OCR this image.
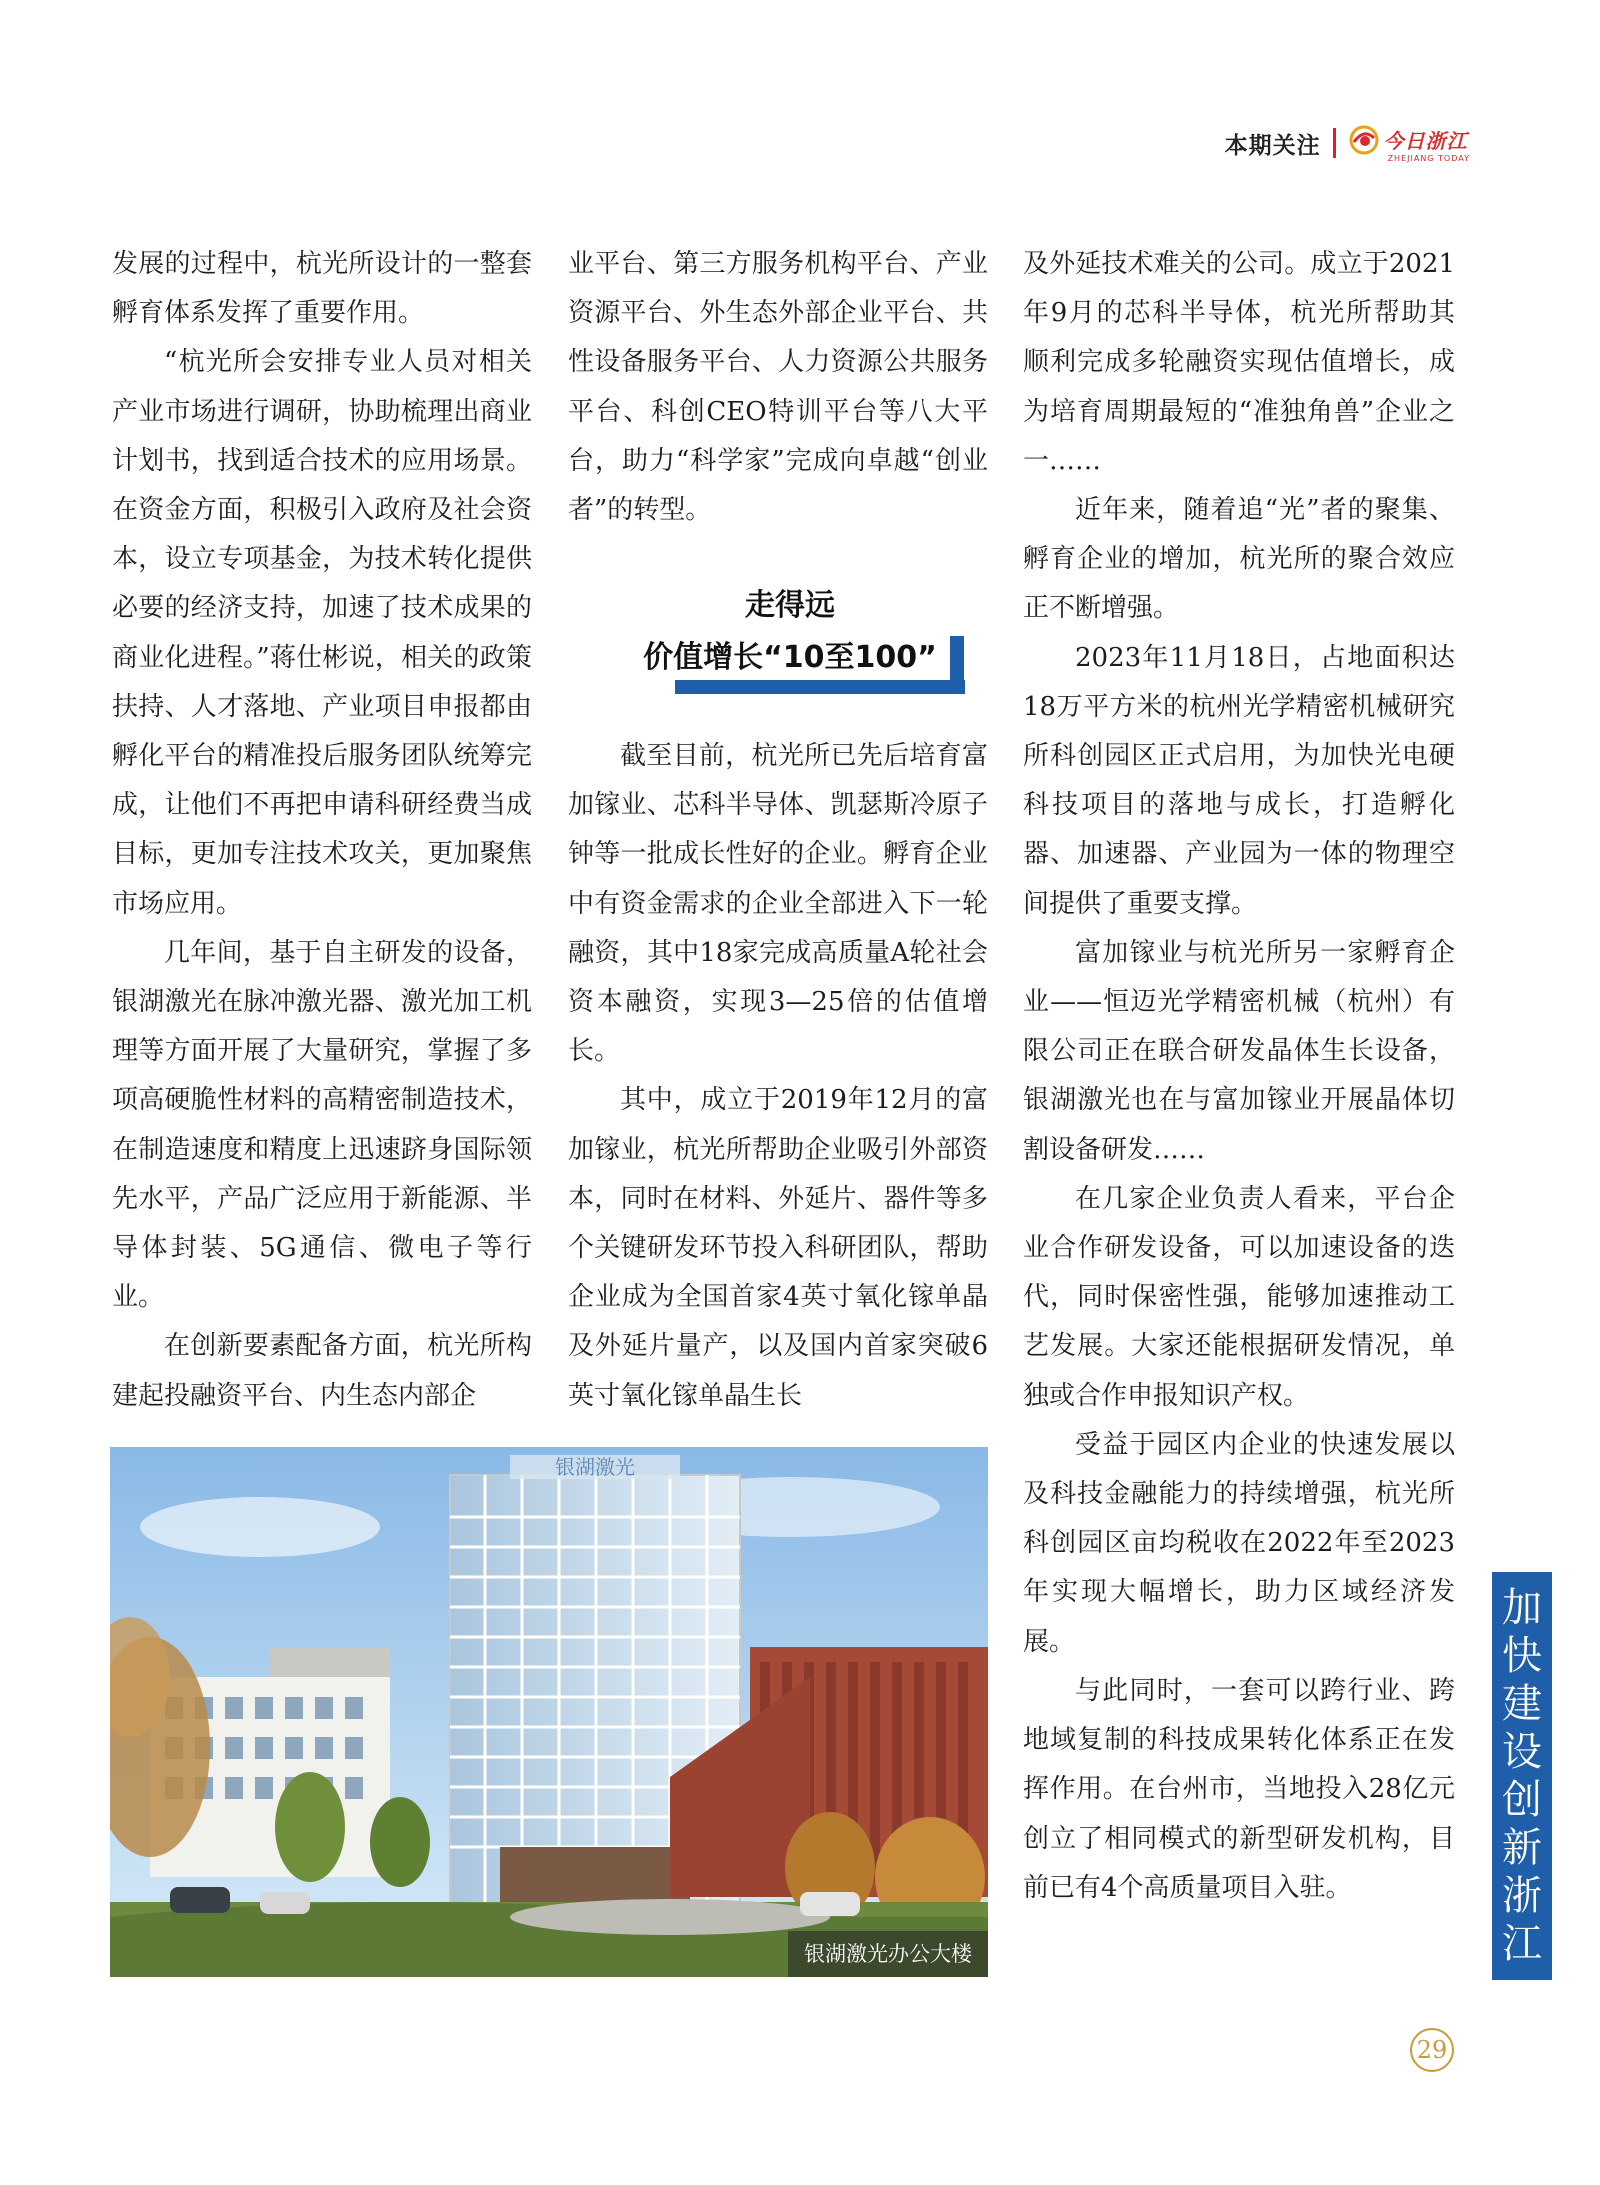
本期关注	今日浙江
ZHEJIANG TODAY

发展的过程中，杭光所设计的一整套孵育体系发挥了重要作用。

“杭光所会安排专业人员对相关产业市场进行调研，协助梳理出商业计划书，找到适合技术的应用场景。在资金方面，积极引入政府及社会资本，设立专项基金，为技术转化提供必要的经济支持，加速了技术成果的商业化进程。”蒋仕彬说，相关的政策扶持、人才落地、产业项目申报都由孵化平台的精准投后服务团队统筹完成，让他们不再把申请科研经费当成目标，更加专注技术攻关，更加聚焦市场应用。

几年间，基于自主研发的设备，银湖激光在脉冲激光器、激光加工机理等方面开展了大量研究，掌握了多项高硬脆性材料的高精密制造技术，在制造速度和精度上迅速跻身国际领先水平，产品广泛应用于新能源、半导体封装、5G通信、微电子等行业。

在创新要素配备方面，杭光所构建起投融资平台、内生态内部企

业平台、第三方服务机构平台、产业资源平台、外生态外部企业平台、共性设备服务平台、人力资源公共服务平台、科创CEO特训平台等八大平台，助力“科学家”完成向卓越“创业者”的转型。

走得远
价值增长“10至100”

截至目前，杭光所已先后培育富加镓业、芯科半导体、凯瑟斯冷原子钟等一批成长性好的企业。孵育企业中有资金需求的企业全部进入下一轮融资，其中18家完成高质量A轮社会资本融资，实现3—25倍的估值增长。

其中，成立于2019年12月的富加镓业，杭光所帮助企业吸引外部资本，同时在材料、外延片、器件等多个关键研发环节投入科研团队，帮助企业成为全国首家4英寸氧化镓单晶及外延片量产，以及国内首家突破6英寸氧化镓单晶生长

及外延技术难关的公司。成立于2021年9月的芯科半导体，杭光所帮助其顺利完成多轮融资实现估值增长，成为培育周期最短的“准独角兽”企业之一……

近年来，随着追“光”者的聚集、孵育企业的增加，杭光所的聚合效应正不断增强。

2023年11月18日，占地面积达18万平方米的杭州光学精密机械研究所科创园区正式启用，为加快光电硬科技项目的落地与成长，打造孵化器、加速器、产业园为一体的物理空间提供了重要支撑。

富加镓业与杭光所另一家孵育企业——恒迈光学精密机械（杭州）有限公司正在联合研发晶体生长设备，银湖激光也在与富加镓业开展晶体切割设备研发……

在几家企业负责人看来，平台企业合作研发设备，可以加速设备的迭代，同时保密性强，能够加速推动工艺发展。大家还能根据研发情况，单独或合作申报知识产权。

受益于园区内企业的快速发展以及科技金融能力的持续增强，杭光所科创园区亩均税收在2022年至2023年实现大幅增长，助力区域经济发展。

与此同时，一套可以跨行业、跨地域复制的科技成果转化体系正在发挥作用。在台州市，当地投入28亿元创立了相同模式的新型研发机构，目前已有4个高质量项目入驻。

银湖激光
银湖激光办公大楼
加
快
建
设
创
新
浙
江
29
